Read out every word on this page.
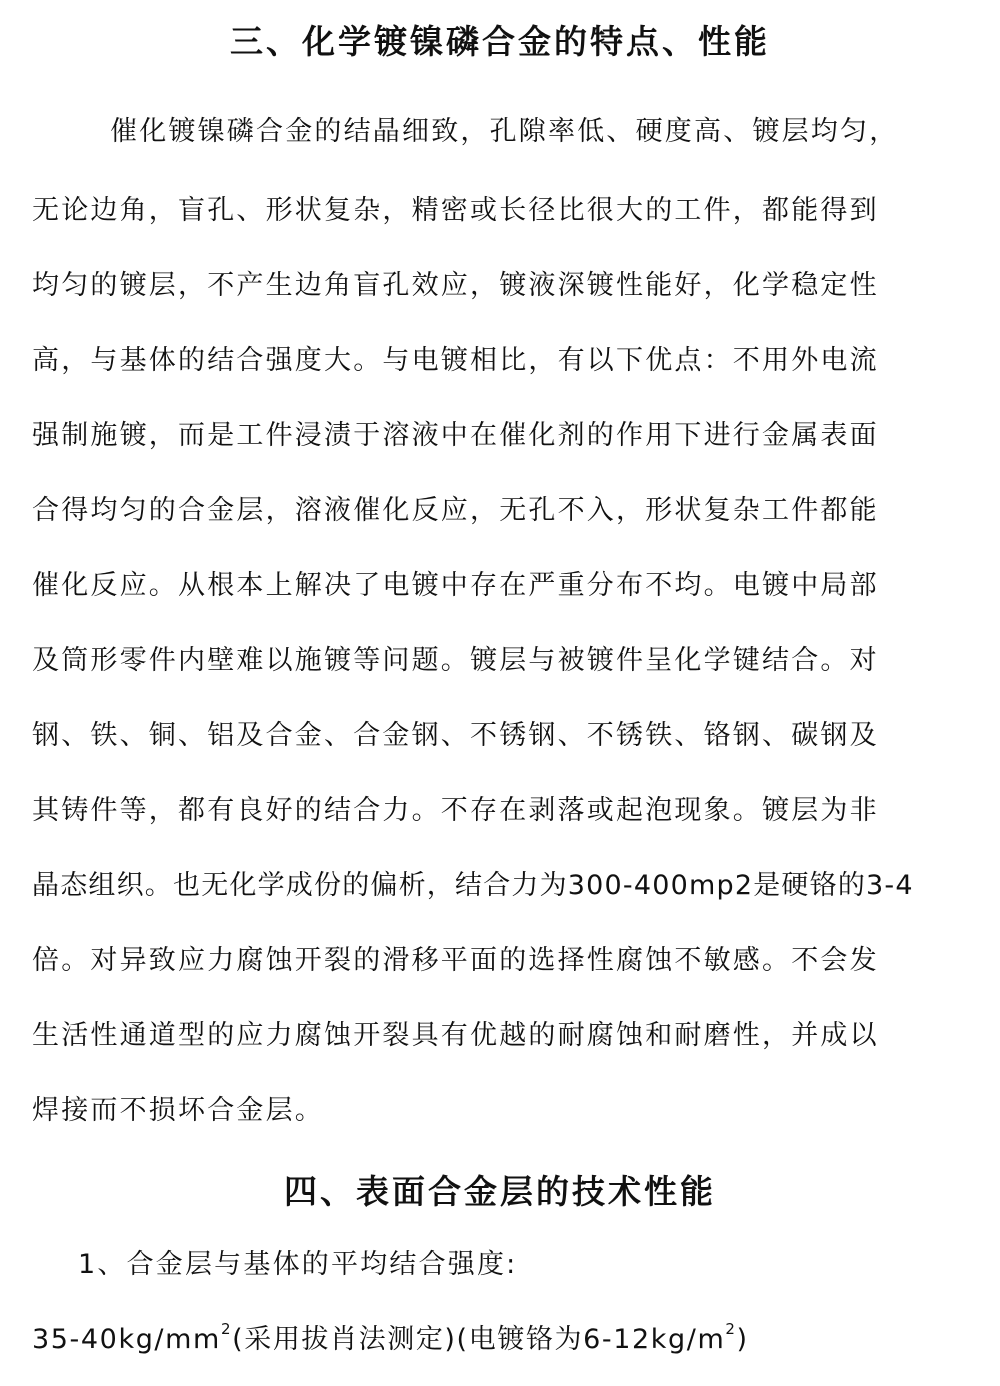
三、化学镀镍磷合金的特点、性能
催化镀镍磷合金的结晶细致，孔隙率低、硬度高、镀层均匀，
无论边角，盲孔、形状复杂，精密或长径比很大的工件，都能得到
均匀的镀层，不产生边角盲孔效应，镀液深镀性能好，化学稳定性
高，与基体的结合强度大。与电镀相比，有以下优点：不用外电流
强制施镀，而是工件浸渍于溶液中在催化剂的作用下进行金属表面
合得均匀的合金层，溶液催化反应，无孔不入，形状复杂工件都能
催化反应。从根本上解决了电镀中存在严重分布不均。电镀中局部
及筒形零件内壁难以施镀等问题。镀层与被镀件呈化学键结合。对
钢、铁、铜、铝及合金、合金钢、不锈钢、不锈铁、铬钢、碳钢及
其铸件等，都有良好的结合力。不存在剥落或起泡现象。镀层为非
晶态组织。也无化学成份的偏析，结合力为300-400mp2是硬铬的3-4
倍。对异致应力腐蚀开裂的滑移平面的选择性腐蚀不敏感。不会发
生活性通道型的应力腐蚀开裂具有优越的耐腐蚀和耐磨性，并成以
焊接而不损坏合金层。
四、表面合金层的技术性能
1、合金层与基体的平均结合强度:
$35-40kg/mm^2$(采用拔肖法测定)(电镀铬为$6-12kg/m^2$)
